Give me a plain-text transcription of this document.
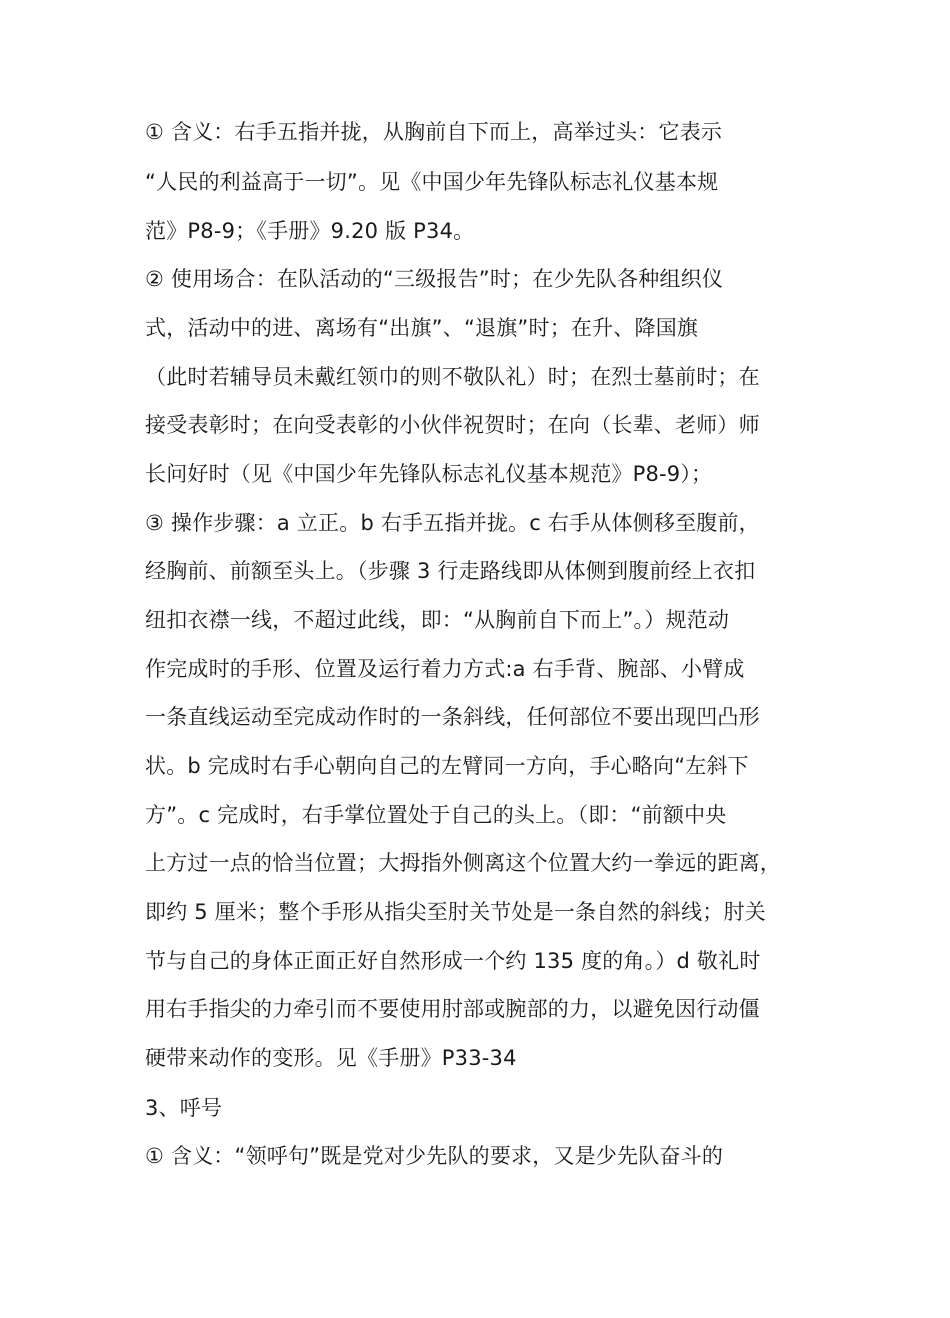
① 含义：右手五指并拢，从胸前自下而上，高举过头：它表示
“人民的利益高于一切”。见《中国少年先锋队标志礼仪基本规
范》P8-9；《手册》9.20 版 P34。
② 使用场合：在队活动的“三级报告”时；在少先队各种组织仪
式，活动中的进、离场有“出旗”、“退旗”时；在升、降国旗
（此时若辅导员未戴红领巾的则不敬队礼）时；在烈士墓前时；在
接受表彰时；在向受表彰的小伙伴祝贺时；在向（长辈、老师）师
长问好时（见《中国少年先锋队标志礼仪基本规范》P8-9）；
③ 操作步骤：a 立正。b 右手五指并拢。c 右手从体侧移至腹前，
经胸前、前额至头上。（步骤 3 行走路线即从体侧到腹前经上衣扣
纽扣衣襟一线，不超过此线，即：“从胸前自下而上”。）规范动
作完成时的手形、位置及运行着力方式:a 右手背、腕部、小臂成
一条直线运动至完成动作时的一条斜线，任何部位不要出现凹凸形
状。b 完成时右手心朝向自己的左臂同一方向，手心略向“左斜下
方”。c 完成时，右手掌位置处于自己的头上。（即：“前额中央
上方过一点的恰当位置；大拇指外侧离这个位置大约一拳远的距离，
即约 5 厘米；整个手形从指尖至肘关节处是一条自然的斜线；肘关
节与自己的身体正面正好自然形成一个约 135 度的角。）d 敬礼时
用右手指尖的力牵引而不要使用肘部或腕部的力，以避免因行动僵
硬带来动作的变形。见《手册》P33-34
3、呼号
① 含义：“领呼句”既是党对少先队的要求，又是少先队奋斗的
